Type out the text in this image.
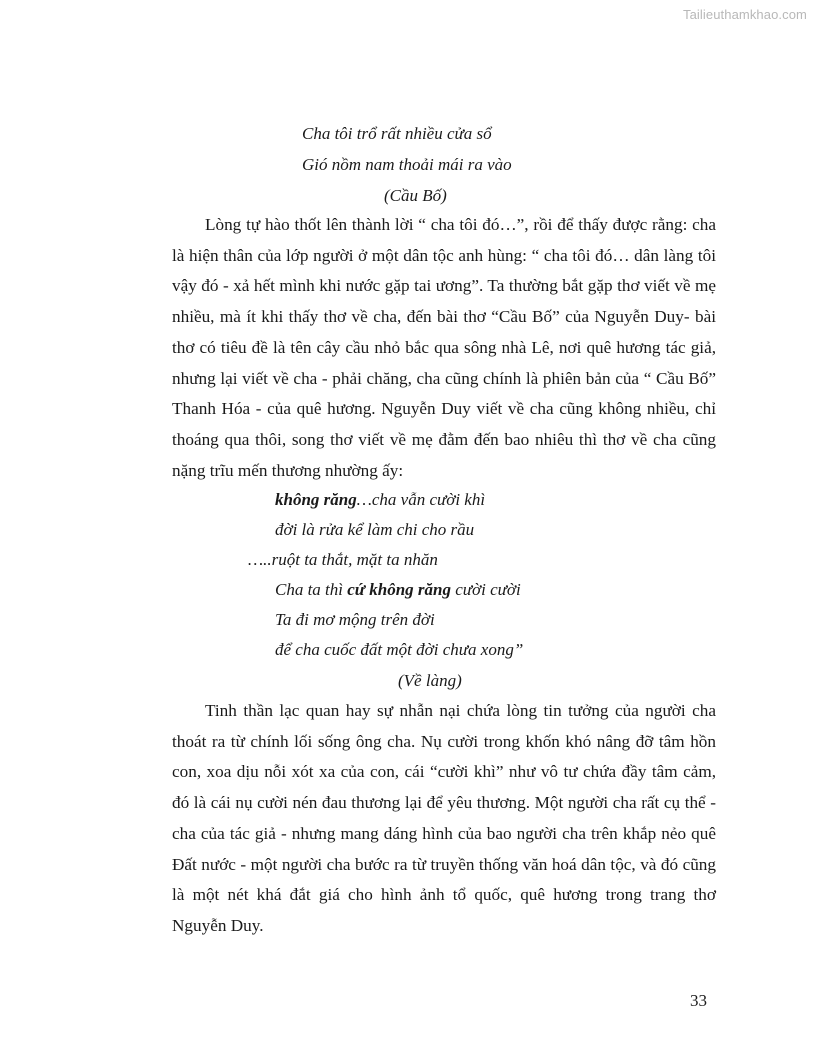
Tailieuthamkhao.com
Cha tôi trổ rất nhiều cửa sổ
Gió nồm nam thoải mái ra vào
(Cầu Bố)
Lòng tự hào thốt lên thành lời “ cha tôi đó…”, rồi để thấy được rằng: cha là hiện thân của lớp người ở một dân tộc anh hùng: “ cha tôi đó… dân làng tôi vậy đó - xả hết mình khi nước gặp tai ương”. Ta thường bắt gặp thơ viết về mẹ nhiều, mà ít khi thấy thơ về cha, đến bài thơ “Cầu Bố” của Nguyễn Duy- bài thơ có tiêu đề là tên cây cầu nhỏ bắc qua sông nhà Lê, nơi quê hương tác giả, nhưng lại viết về cha - phải chăng, cha cũng chính là phiên bản của “ Cầu Bố” Thanh Hóa - của quê hương. Nguyễn Duy viết về cha cũng không nhiều, chỉ thoáng qua thôi, song thơ viết về mẹ đằm đến bao nhiêu thì thơ về cha cũng nặng trĩu mến thương nhường ấy:
không răng…cha vẫn cười khì
đời là rửa kể làm chi cho rầu
…..ruột ta thắt, mặt ta nhăn
Cha ta thì cứ không răng cười cười
Ta đi mơ mộng trên đời
để cha cuốc đất một đời chưa xong”
(Về làng)
Tinh thần lạc quan hay sự nhẫn nại chứa lòng tin tưởng của người cha thoát ra từ chính lối sống ông cha. Nụ cười trong khốn khó nâng đỡ tâm hồn con, xoa dịu nỗi xót xa của con, cái “cười khì” như vô tư chứa đầy tâm cảm, đó là cái nụ cười nén đau thương lại để yêu thương. Một người cha rất cụ thể - cha của tác giả - nhưng mang dáng hình của bao người cha trên khắp nẻo quê Đất nước - một người cha bước ra từ truyền thống văn hoá dân tộc, và đó cũng là một nét khá đắt giá cho hình ảnh tổ quốc, quê hương trong trang thơ Nguyễn Duy.
33
